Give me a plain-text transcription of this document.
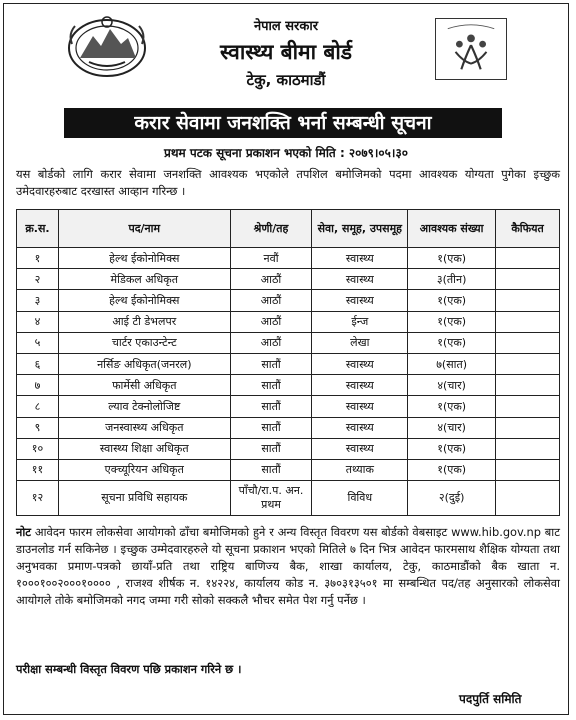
नेपाल सरकार
स्वास्थ्य बीमा बोर्ड
टेकु, काठमाडौं
करार सेवामा जनशक्ति भर्ना सम्बन्धी सूचना
प्रथम पटक सूचना प्रकाशन भएको मिति : २०७९।०५।३०
यस बोर्डको लागि करार सेवामा जनशक्ति आवश्यक भएकोले तपशिल बमोजिमको पदमा आवश्यक योग्यता पुगेका इच्छुक उमेदवारहरुबाट दरखास्त आव्हान गरिन्छ ।
क्र.स.	पद/नाम	श्रेणी/तह	सेवा, समूह, उपसमूह	आवश्यक संख्या	कैफियत
१	हेल्थ ईकोनोमिक्स	नवौं	स्वास्थ्य	१(एक)	
२	मेडिकल अधिकृत	आठौं	स्वास्थ्य	३(तीन)	
३	हेल्थ ईकोनोमिक्स	आठौं	स्वास्थ्य	१(एक)	
४	आई टी डेभलपर	आठौं	ईन्ज	१(एक)	
५	चार्टर एकाउन्टेन्ट	आठौं	लेखा	१(एक)	
६	नर्सिङ अधिकृत(जनरल)	सातौं	स्वास्थ्य	७(सात)	
७	फार्मेसी अधिकृत	सातौं	स्वास्थ्य	४(चार)	
८	ल्याव टेक्नोलोजिष्ट	सातौं	स्वास्थ्य	१(एक)	
९	जनस्वास्थ्य अधिकृत	सातौं	स्वास्थ्य	४(चार)	
१०	स्वास्थ्य शिक्षा अधिकृत	सातौं	स्वास्थ्य	१(एक)	
११	एक्च्यूरियन अधिकृत	सातौं	तथ्याक	१(एक)	
१२	सूचना प्रविधि सहायक	पाँचौ/रा.प. अन. प्रथम	विविध	२(दुई)	
नोट आवेदन फारम लोकसेवा आयोगको ढाँचा बमोजिमको हुने र अन्य विस्तृत विवरण यस बोर्डको वेबसाइट www.hib.gov.np बाट डाउनलोड गर्न सकिनेछ । इच्छुक उम्मेदवारहरुले यो सूचना प्रकाशन भएको मितिले ७ दिन भित्र आवेदन फारमसाथ शैक्षिक योग्यता तथा अनुभवका प्रमाण-पत्रको छायाँ-प्रति तथा राष्ट्रिय बाणिज्य बैक, शाखा कार्यालय, टेकु, काठमाडौंको बैक खाता न. १०००१००२०००१०००० , राजश्व शीर्षक न. १४२२४, कार्यालय कोड न. ३७०३१३५०१ मा सम्बन्धित पद/तह अनुसारको लोकसेवा आयोगले तोके बमोजिमको नगद जम्मा गरी सोको सक्कलै भौचर समेत पेश गर्नु पर्नेछ ।
परीक्षा सम्बन्धी विस्तृत विवरण पछि प्रकाशन गरिने छ ।
पदपुर्ति समिति
